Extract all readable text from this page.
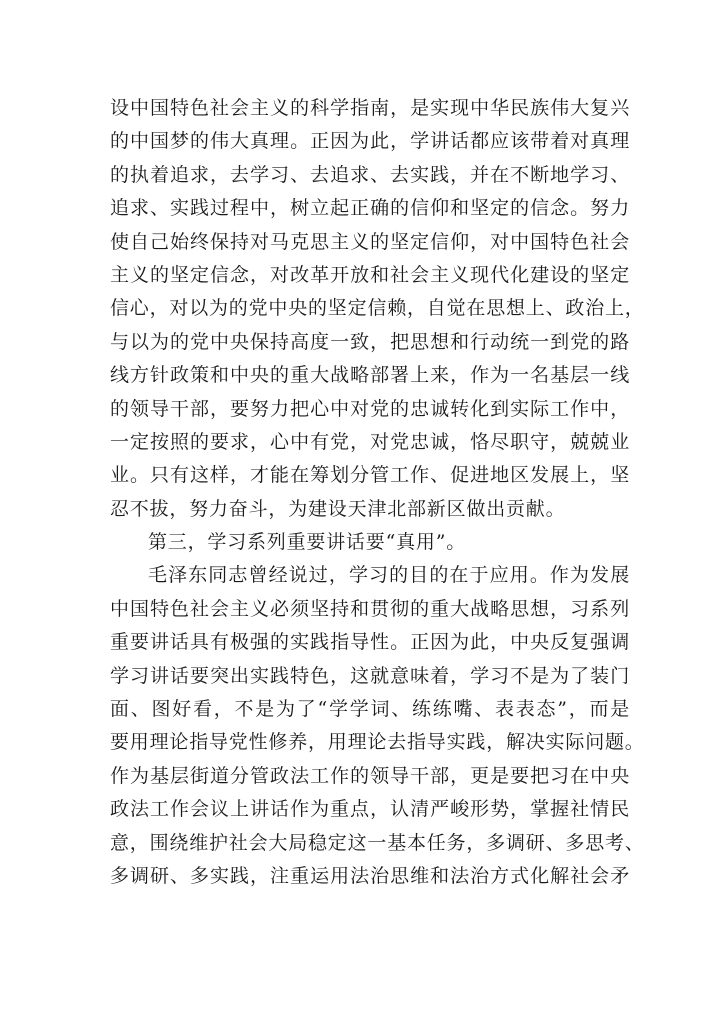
设中国特色社会主义的科学指南，是实现中华民族伟大复兴
的中国梦的伟大真理。正因为此，学讲话都应该带着对真理
的执着追求，去学习、去追求、去实践，并在不断地学习、
追求、实践过程中，树立起正确的信仰和坚定的信念。努力
使自己始终保持对马克思主义的坚定信仰，对中国特色社会
主义的坚定信念，对改革开放和社会主义现代化建设的坚定
信心，对以为的党中央的坚定信赖，自觉在思想上、政治上，
与以为的党中央保持高度一致，把思想和行动统一到党的路
线方针政策和中央的重大战略部署上来，作为一名基层一线
的领导干部，要努力把心中对党的忠诚转化到实际工作中，
一定按照的要求，心中有党，对党忠诚，恪尽职守，兢兢业
业。只有这样，才能在筹划分管工作、促进地区发展上，坚
忍不拔，努力奋斗，为建设天津北部新区做出贡献。
第三，学习系列重要讲话要“真用”。
毛泽东同志曾经说过，学习的目的在于应用。作为发展
中国特色社会主义必须坚持和贯彻的重大战略思想，习系列
重要讲话具有极强的实践指导性。正因为此，中央反复强调
学习讲话要突出实践特色，这就意味着，学习不是为了装门
面、图好看，不是为了“学学词、练练嘴、表表态”，而是
要用理论指导党性修养，用理论去指导实践，解决实际问题。
作为基层街道分管政法工作的领导干部，更是要把习在中央
政法工作会议上讲话作为重点，认清严峻形势，掌握社情民
意，围绕维护社会大局稳定这一基本任务，多调研、多思考、
多调研、多实践，注重运用法治思维和法治方式化解社会矛
